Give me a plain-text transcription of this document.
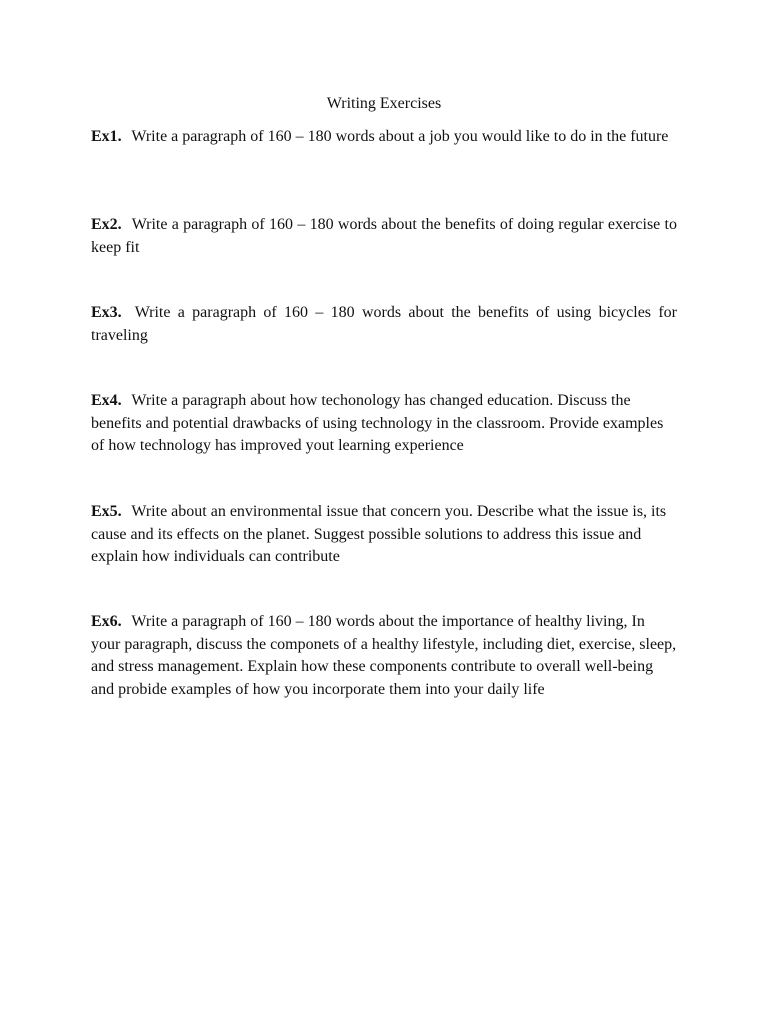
Writing Exercises

Ex1. Write a paragraph of 160 – 180 words about a job you would like to do in the future

Ex2. Write a paragraph of 160 – 180 words about the benefits of doing regular exercise to keep fit

Ex3. Write a paragraph of 160 – 180 words about the benefits of using bicycles for traveling

Ex4. Write a paragraph about how techonology has changed education. Discuss the benefits and potential drawbacks of using technology in the classroom. Provide examples of how technology has improved yout learning experience

Ex5. Write about an environmental issue that concern you. Describe what the issue is, its cause and its effects on the planet. Suggest possible solutions to address this issue and explain how individuals can contribute

Ex6. Write a paragraph of 160 – 180 words about the importance of healthy living, In your paragraph, discuss the componets of a healthy lifestyle, including diet, exercise, sleep, and stress management. Explain how these components contribute to overall well-being and probide examples of how you incorporate them into your daily life
